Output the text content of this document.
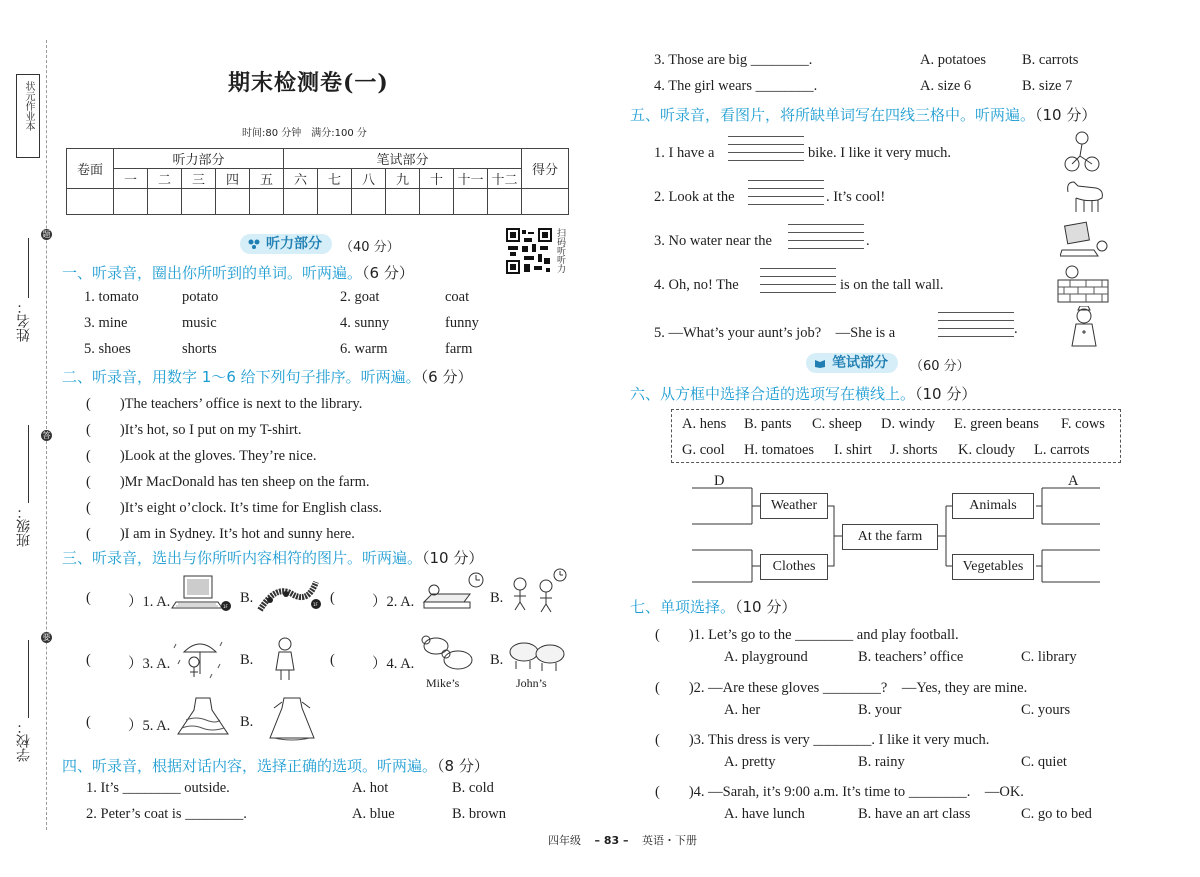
状元作业本
题
答
要
姓名：
班级：
学校：
期末检测卷(一)
时间:80 分钟　满分:100 分
卷面	听力部分					笔试部分							得分
	一	二	三	四	五	六	七	八	九	十	十一	十二	

听力部分	（40 分）	扫码听听力
一、听录音，圈出你所听到的单词。听两遍。（6 分）
1. tomato	potato	2. goat	coat
3. mine	music	4. sunny	funny
5. shoes	shorts	6. warm	farm
二、听录音，用数字 1～6 给下列句子排序。听两遍。（6 分）
(　　)The teachers’ office is next to the library.
(　　)It’s hot, so I put on my T-shirt.
(　　)Look at the gloves. They’re nice.
(　　)Mr MacDonald has ten sheep on the farm.
(　　)It’s eight o’clock. It’s time for English class.
(　　)I am in Sydney. It’s hot and sunny here.
三、听录音，选出与你所听内容相符的图片。听两遍。（10 分）
(	）1. A.	1F
B.	1F (	）2. A.	B.
(	）3. A.	B.	(	）4. A.
Mike’s
B.
John’s
(	）5. A.	B.
四、听录音，根据对话内容，选择正确的选项。听两遍。（8 分）
1. It’s ________ outside.	A. hot	B. cold
2. Peter’s coat is ________.	A. blue	B. brown
3. Those are big ________.	A. potatoes B. carrots
4. The girl wears ________.	A. size 6	B. size 7
五、听录音，看图片，将所缺单词写在四线三格中。听两遍。（10 分）
1. I have a	bike. I like it very much.
2. Look at the	. It’s cool!
3. No water near the	.
4. Oh, no! The	is on the tall wall.
5. —What’s your aunt’s job?　—She is a	.
笔试部分	（60 分）
六、从方框中选择合适的选项写在横线上。（10 分）
A. hens B. pants C. sheep D. windy E. green beans F. cows
G. cool H. tomatoes I. shirt J. shorts K. cloudy L. carrots
D	A
Weather
Clothes
At the farm
Animals
Vegetables
七、单项选择。（10 分）
(　　)1. Let’s go to the ________ and play football.
A. playground	B. teachers’ office	C. library
(　　)2. —Are these gloves ________?　—Yes, they are mine.
A. her	B. your	C. yours
(　　)3. This dress is very ________. I like it very much.
A. pretty	B. rainy	C. quiet
(　　)4. —Sarah, it’s 9:00 a.m. It’s time to ________.　—OK.
A. have lunch	B. have an art class	C. go to bed
四年级 – 83 – 英语・下册
